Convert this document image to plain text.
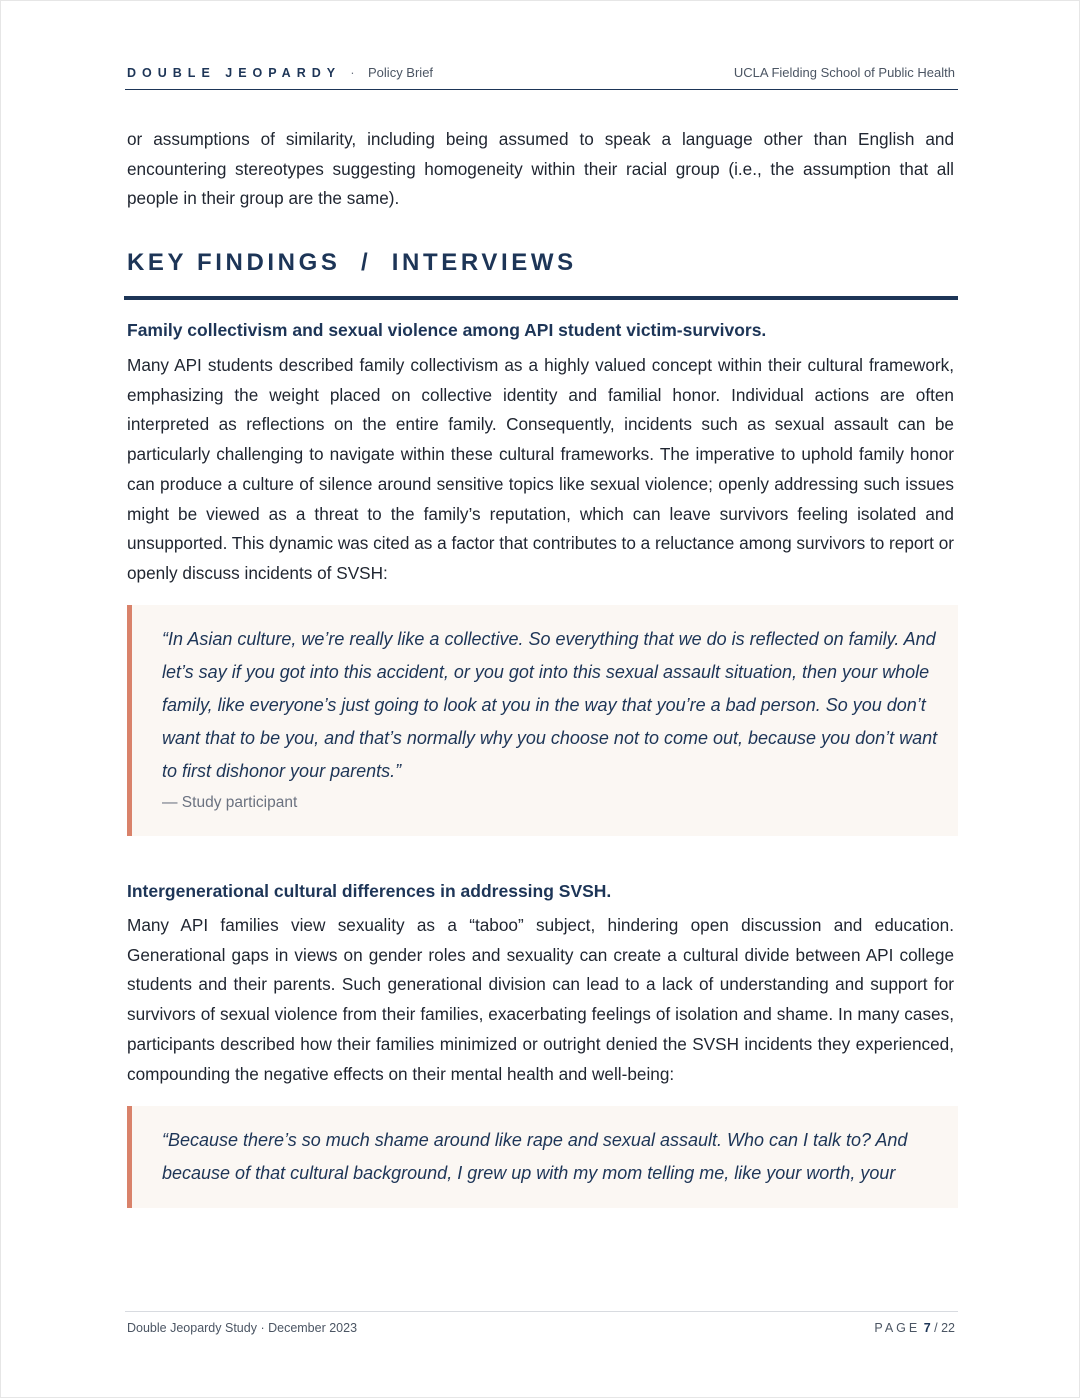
DOUBLE JEOPARDY · Policy Brief	UCLA Fielding School of Public Health

or assumptions of similarity, including being assumed to speak a language other than English and encountering stereotypes suggesting homogeneity within their racial group (i.e., the assumption that all people in their group are the same).

KEY FINDINGS  /  INTERVIEWS
Family collectivism and sexual violence among API student victim-survivors.

Many API students described family collectivism as a highly valued concept within their cultural framework, emphasizing the weight placed on collective identity and familial honor. Individual actions are often interpreted as reflections on the entire family. Consequently, incidents such as sexual assault can be particularly challenging to navigate within these cultural frameworks. The imperative to uphold family honor can produce a culture of silence around sensitive topics like sexual violence; openly addressing such issues might be viewed as a threat to the family’s reputation, which can leave survivors feeling isolated and unsupported. This dynamic was cited as a factor that contributes to a reluctance among survivors to report or openly discuss incidents of SVSH:

“In Asian culture, we’re really like a collective. So everything that we do is reflected on family. And let’s say if you got into this accident, or you got into this sexual assault situation, then your whole family, like everyone’s just going to look at you in the way that you’re a bad person. So you don’t want that to be you, and that’s normally why you choose not to come out, because you don’t want to first dishonor your parents.”

— Study participant

Intergenerational cultural differences in addressing SVSH.

Many API families view sexuality as a “taboo” subject, hindering open discussion and education. Generational gaps in views on gender roles and sexuality can create a cultural divide between API college students and their parents. Such generational division can lead to a lack of understanding and support for survivors of sexual violence from their families, exacerbating feelings of isolation and shame. In many cases, participants described how their families minimized or outright denied the SVSH incidents they experienced, compounding the negative effects on their mental health and well-being:

“Because there’s so much shame around like rape and sexual assault. Who can I talk to? And because of that cultural background, I grew up with my mom telling me, like your worth, your

Double Jeopardy Study · December 2023	PAGE 7 / 22
